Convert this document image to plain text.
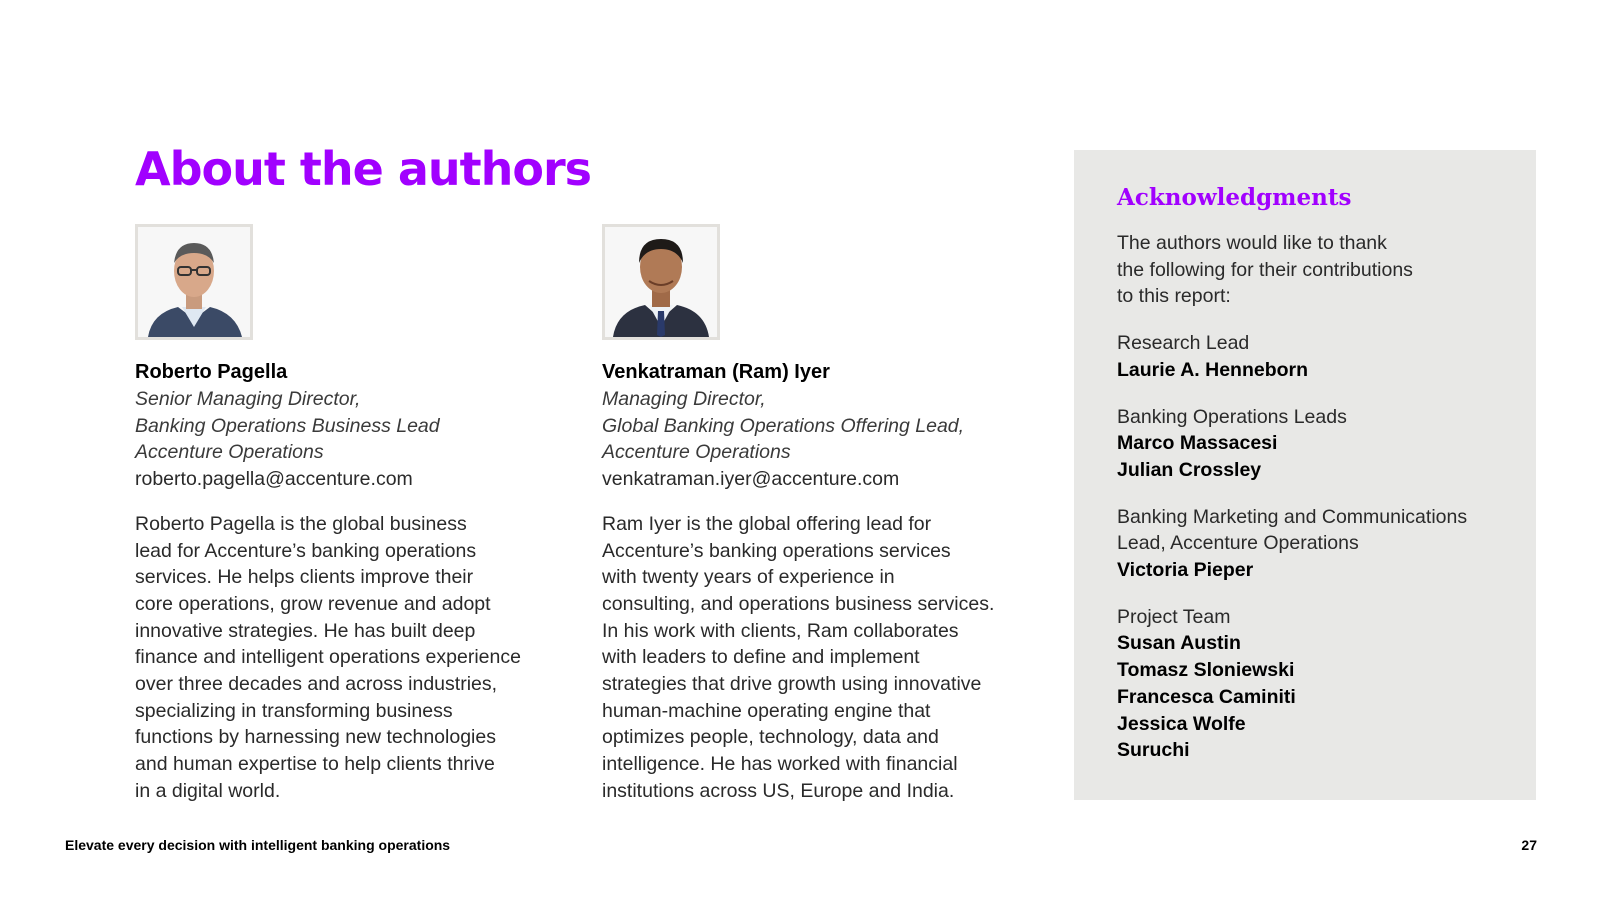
About the authors
Roberto Pagella
Senior Managing Director,
Banking Operations Business Lead
Accenture Operations
roberto.pagella@accenture.com
Roberto Pagella is the global business
lead for Accenture’s banking operations
services. He helps clients improve their
core operations, grow revenue and adopt
innovative strategies. He has built deep
finance and intelligent operations experience
over three decades and across industries,
specializing in transforming business
functions by harnessing new technologies
and human expertise to help clients thrive
in a digital world.
Venkatraman (Ram) Iyer
Managing Director,
Global Banking Operations Offering Lead,
Accenture Operations
venkatraman.iyer@accenture.com
Ram Iyer is the global offering lead for
Accenture’s banking operations services
with twenty years of experience in
consulting, and operations business services.
In his work with clients, Ram collaborates
with leaders to define and implement
strategies that drive growth using innovative
human-machine operating engine that
optimizes people, technology, data and
intelligence. He has worked with financial
institutions across US, Europe and India.
Acknowledgments
The authors would like to thank
the following for their contributions
to this report:
Research Lead
Laurie A. Henneborn
Banking Operations Leads
Marco Massacesi
Julian Crossley
Banking Marketing and Communications
Lead, Accenture Operations
Victoria Pieper
Project Team
Susan Austin
Tomasz Sloniewski
Francesca Caminiti
Jessica Wolfe
Suruchi
Elevate every decision with intelligent banking operations	27
